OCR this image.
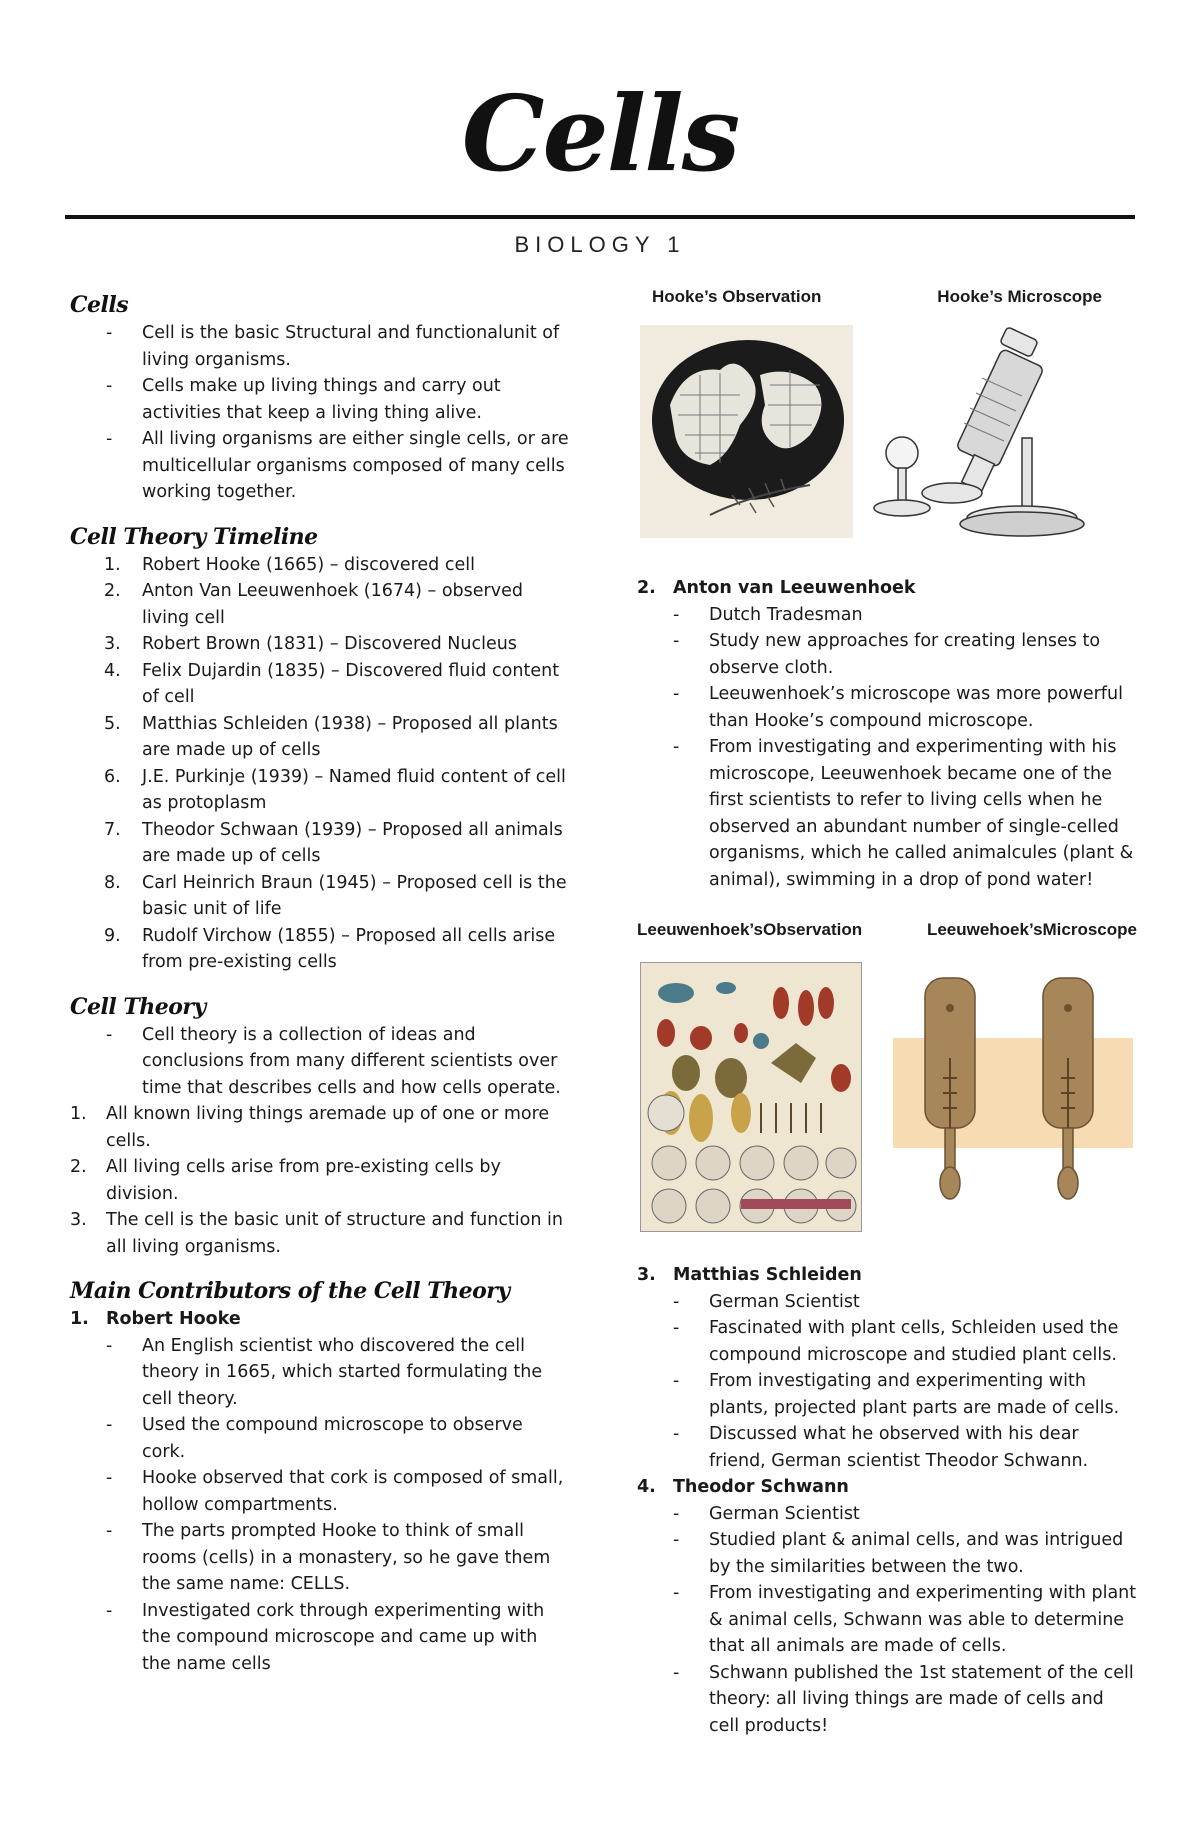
Cells
BIOLOGY 1
Cells
- Cell is the basic Structural and functionalunit of living organisms.
- Cells make up living things and carry out activities that keep a living thing alive.
- All living organisms are either single cells, or are multicellular organisms composed of many cells working together.
Cell Theory Timeline
1. Robert Hooke (1665) – discovered cell
2. Anton Van Leeuwenhoek (1674) – observed living cell
3. Robert Brown (1831) – Discovered Nucleus
4. Felix Dujardin (1835) – Discovered fluid content of cell
5. Matthias Schleiden (1938) – Proposed all plants are made up of cells
6. J.E. Purkinje (1939) – Named fluid content of cell as protoplasm
7. Theodor Schwaan (1939) – Proposed all animals are made up of cells
8. Carl Heinrich Braun (1945) – Proposed cell is the basic unit of life
9. Rudolf Virchow (1855) – Proposed all cells arise from pre-existing cells
Cell Theory
- Cell theory is a collection of ideas and conclusions from many different scientists over time that describes cells and how cells operate.
1. All known living things aremade up of one or more cells.
2. All living cells arise from pre-existing cells by division.
3. The cell is the basic unit of structure and function in all living organisms.
Main Contributors of the Cell Theory
1. Robert Hooke
- An English scientist who discovered the cell theory in 1665, which started formulating the cell theory.
- Used the compound microscope to observe cork.
- Hooke observed that cork is composed of small, hollow compartments.
- The parts prompted Hooke to think of small rooms (cells) in a monastery, so he gave them the same name: CELLS.
- Investigated cork through experimenting with the compound microscope and came up with the name cells
Hooke’s Observation	Hooke’s Microscope
2. Anton van Leeuwenhoek
- Dutch Tradesman
- Study new approaches for creating lenses to observe cloth.
- Leeuwenhoek’s microscope was more powerful than Hooke’s compound microscope.
- From investigating and experimenting with his microscope, Leeuwenhoek became one of the first scientists to refer to living cells when he observed an abundant number of single-celled organisms, which he called animalcules (plant & animal), swimming in a drop of pond water!
Leeuwenhoek’sObservation	Leeuwehoek’sMicroscope
3. Matthias Schleiden
- German Scientist
- Fascinated with plant cells, Schleiden used the compound microscope and studied plant cells.
- From investigating and experimenting with plants, projected plant parts are made of cells.
- Discussed what he observed with his dear friend, German scientist Theodor Schwann.
4. Theodor Schwann
- German Scientist
- Studied plant & animal cells, and was intrigued by the similarities between the two.
- From investigating and experimenting with plant & animal cells, Schwann was able to determine that all animals are made of cells.
- Schwann published the 1st statement of the cell theory: all living things are made of cells and cell products!
